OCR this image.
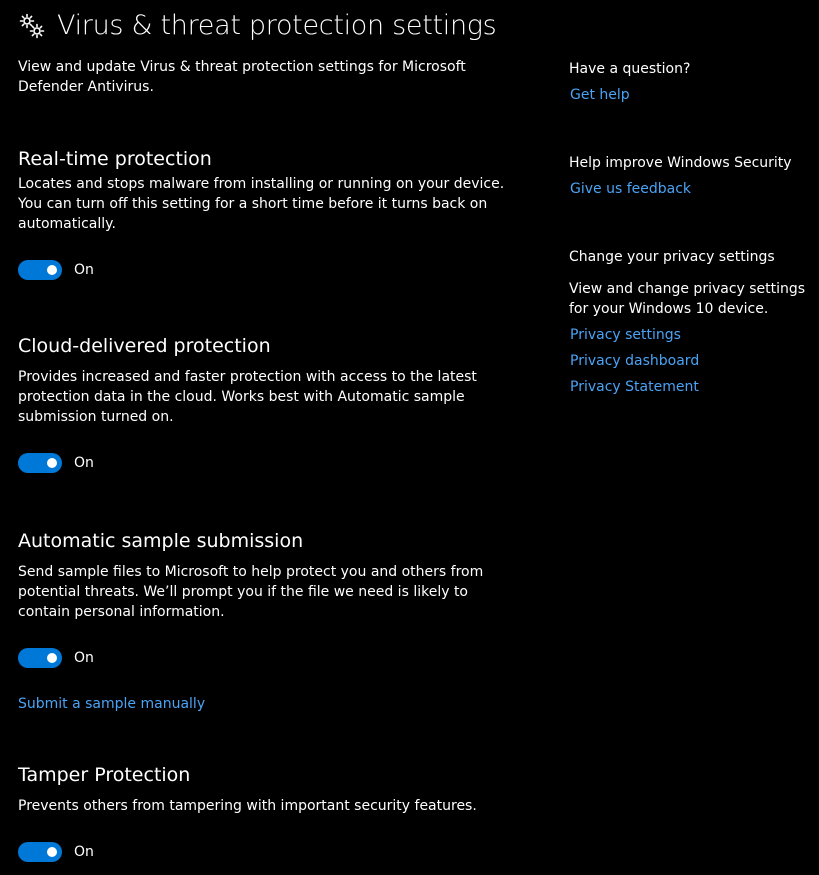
Virus & threat protection settings
View and update Virus & threat protection settings for Microsoft Defender Antivirus.
Real-time protection
Locates and stops malware from installing or running on your device. You can turn off this setting for a short time before it turns back on automatically.
On
Cloud-delivered protection
Provides increased and faster protection with access to the latest protection data in the cloud. Works best with Automatic sample submission turned on.
On
Automatic sample submission
Send sample files to Microsoft to help protect you and others from potential threats. We’ll prompt you if the file we need is likely to contain personal information.
On
Submit a sample manually
Tamper Protection
Prevents others from tampering with important security features.
On
Have a question?
Get help
Help improve Windows Security
Give us feedback
Change your privacy settings
View and change privacy settings for your Windows 10 device.
Privacy settings
Privacy dashboard
Privacy Statement
